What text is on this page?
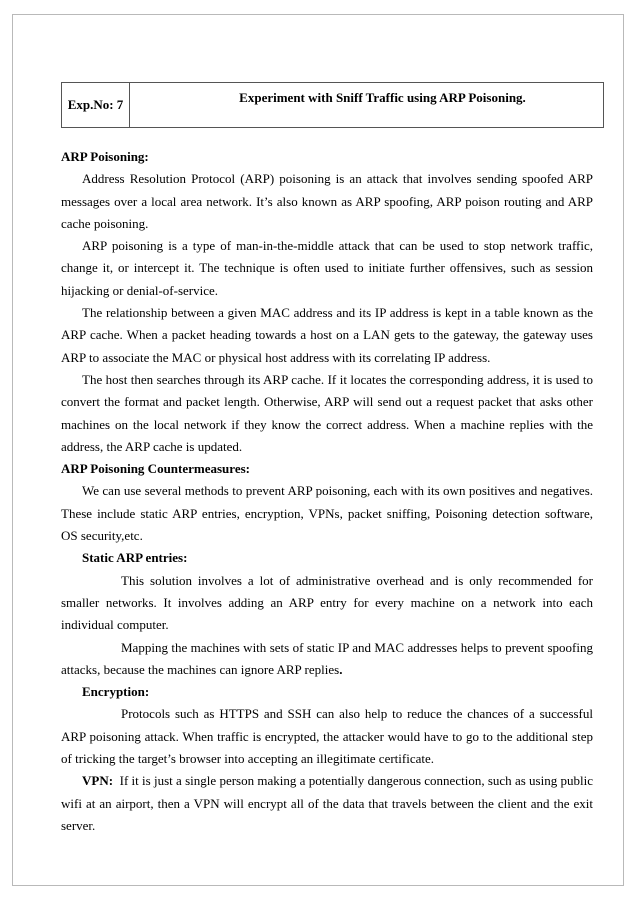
Exp.No: 7	Experiment with Sniff Traffic using ARP Poisoning.

ARP Poisoning:

Address Resolution Protocol (ARP) poisoning is an attack that involves sending spoofed ARP messages over a local area network. It’s also known as ARP spoofing, ARP poison routing and ARP cache poisoning.

ARP poisoning is a type of man-in-the-middle attack that can be used to stop network traffic, change it, or intercept it. The technique is often used to initiate further offensives, such as session hijacking or denial-of-service.

The relationship between a given MAC address and its IP address is kept in a table known as the ARP cache. When a packet heading towards a host on a LAN gets to the gateway, the gateway uses ARP to associate the MAC or physical host address with its correlating IP address.

The host then searches through its ARP cache. If it locates the corresponding address, it is used to convert the format and packet length. Otherwise, ARP will send out a request packet that asks other machines on the local network if they know the correct address. When a machine replies with the address, the ARP cache is updated.

ARP Poisoning Countermeasures:

We can use several methods to prevent ARP poisoning, each with its own positives and negatives. These include static ARP entries, encryption, VPNs, packet sniffing, Poisoning detection software, OS security,etc.

Static ARP entries:

This solution involves a lot of administrative overhead and is only recommended for smaller networks. It involves adding an ARP entry for every machine on a network into each individual computer.

Mapping the machines with sets of static IP and MAC addresses helps to prevent spoofing attacks, because the machines can ignore ARP replies.

Encryption:

Protocols such as HTTPS and SSH can also help to reduce the chances of a successful ARP poisoning attack. When traffic is encrypted, the attacker would have to go to the additional step of tricking the target’s browser into accepting an illegitimate certificate.

VPN: If it is just a single person making a potentially dangerous connection, such as using public wifi at an airport, then a VPN will encrypt all of the data that travels between the client and the exit server.
